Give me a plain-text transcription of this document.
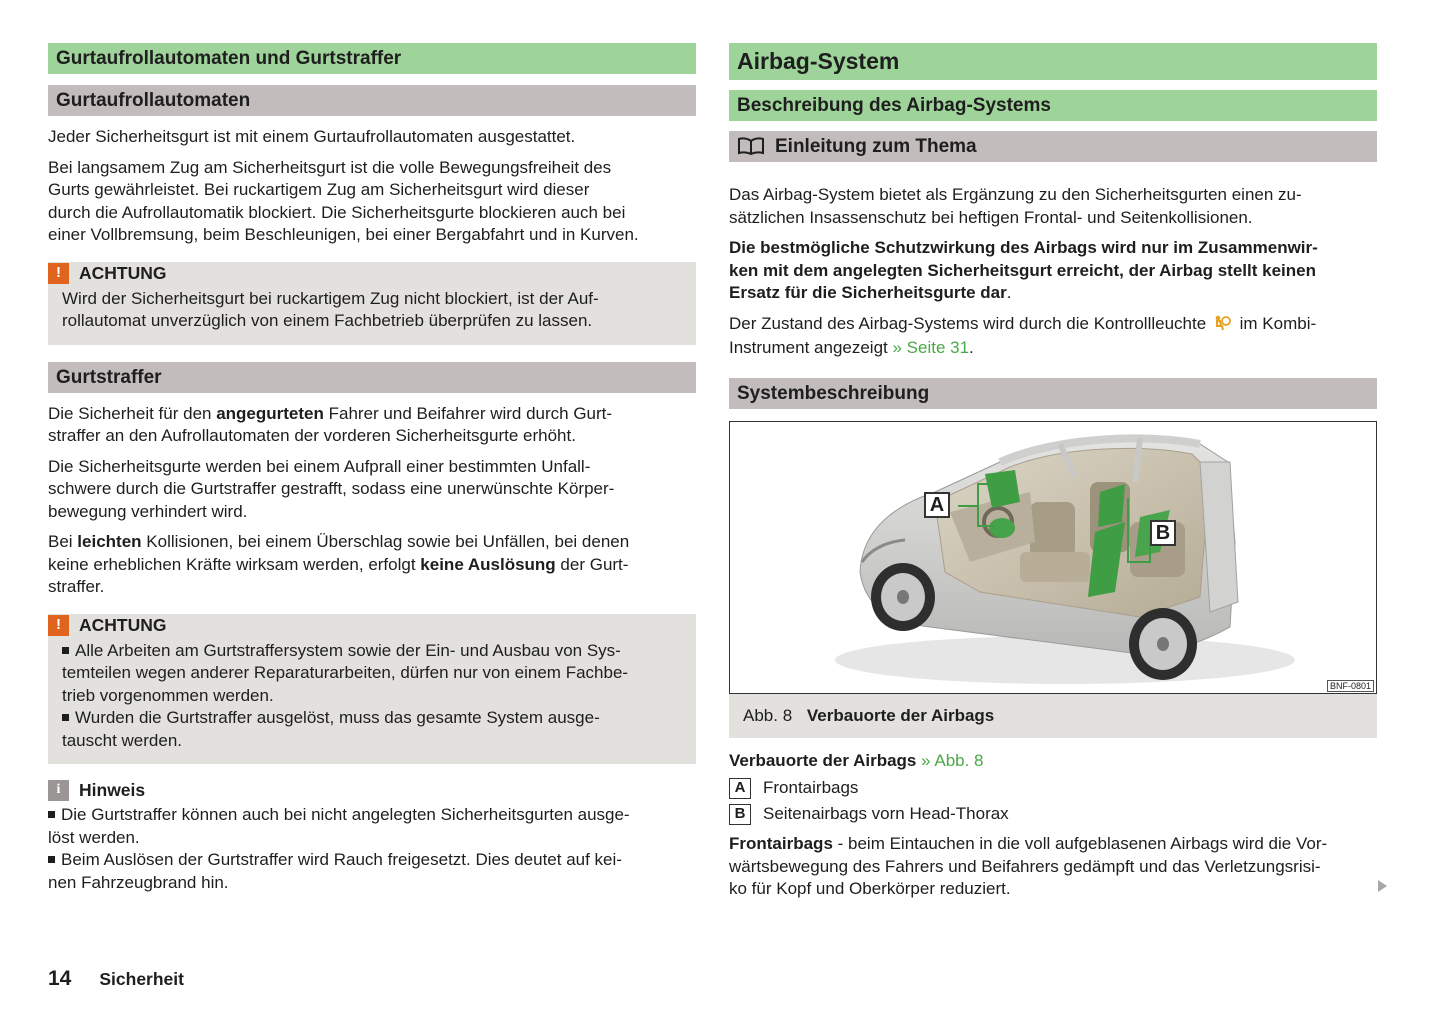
Gurtaufrollautomaten und Gurtstraffer
Gurtaufrollautomaten

Jeder Sicherheitsgurt ist mit einem Gurtaufrollautomaten ausgestattet.

Bei langsamem Zug am Sicherheitsgurt ist die volle Bewegungsfreiheit des
Gurts gewährleistet. Bei ruckartigem Zug am Sicherheitsgurt wird dieser
durch die Aufrollautomatik blockiert. Die Sicherheitsgurte blockieren auch bei
einer Vollbremsung, beim Beschleunigen, bei einer Bergabfahrt und in Kurven.

!	ACHTUNG

Wird der Sicherheitsgurt bei ruckartigem Zug nicht blockiert, ist der Auf-
rollautomat unverzüglich von einem Fachbetrieb überprüfen zu lassen.

Gurtstraffer

Die Sicherheit für den angegurteten Fahrer und Beifahrer wird durch Gurt-
straffer an den Aufrollautomaten der vorderen Sicherheitsgurte erhöht.

Die Sicherheitsgurte werden bei einem Aufprall einer bestimmten Unfall-
schwere durch die Gurtstraffer gestrafft, sodass eine unerwünschte Körper-
bewegung verhindert wird.

Bei leichten Kollisionen, bei einem Überschlag sowie bei Unfällen, bei denen
keine erheblichen Kräfte wirksam werden, erfolgt keine Auslösung der Gurt-
straffer.

!	ACHTUNG

Alle Arbeiten am Gurtstraffersystem sowie der Ein- und Ausbau von Sys-
temteilen wegen anderer Reparaturarbeiten, dürfen nur von einem Fachbe-
trieb vorgenommen werden.

Wurden die Gurtstraffer ausgelöst, muss das gesamte System ausge-
tauscht werden.

i	Hinweis

Die Gurtstraffer können auch bei nicht angelegten Sicherheitsgurten ausge-
löst werden.

Beim Auslösen der Gurtstraffer wird Rauch freigesetzt. Dies deutet auf kei-
nen Fahrzeugbrand hin.

Airbag-System
Beschreibung des Airbag-Systems
Einleitung zum Thema

Das Airbag-System bietet als Ergänzung zu den Sicherheitsgurten einen zu-
sätzlichen Insassenschutz bei heftigen Frontal- und Seitenkollisionen.

Die bestmögliche Schutzwirkung des Airbags wird nur im Zusammenwir-
ken mit dem angelegten Sicherheitsgurt erreicht, der Airbag stellt keinen
Ersatz für die Sicherheitsgurte dar.

Der Zustand des Airbag-Systems wird durch die Kontrollleuchte  im Kombi-
Instrument angezeigt » Seite 31.

Systembeschreibung
A
B
BNF-0801
Abb. 8 Verbauorte der Airbags

Verbauorte der Airbags » Abb. 8

A	Frontairbags
B	Seitenairbags vorn Head-Thorax

Frontairbags - beim Eintauchen in die voll aufgeblasenen Airbags wird die Vor-
wärtsbewegung des Fahrers und Beifahrers gedämpft und das Verletzungsrisi-
ko für Kopf und Oberkörper reduziert.

14 Sicherheit
